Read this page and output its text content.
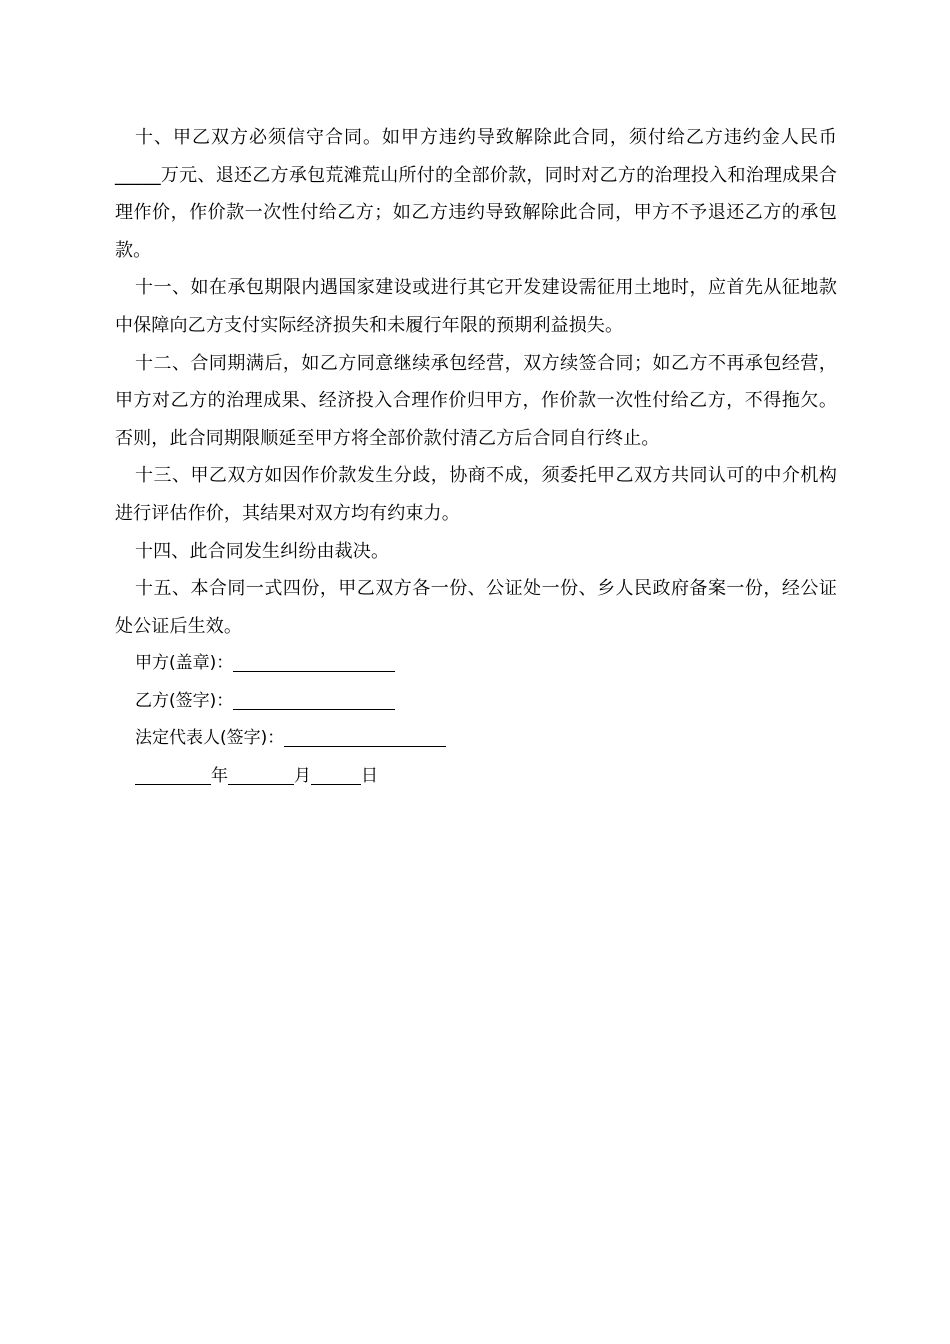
十、甲乙双方必须信守合同。如甲方违约导致解除此合同，须付给乙方违约金人民币_____万元、退还乙方承包荒滩荒山所付的全部价款，同时对乙方的治理投入和治理成果合理作价，作价款一次性付给乙方；如乙方违约导致解除此合同，甲方不予退还乙方的承包款。

十一、如在承包期限内遇国家建设或进行其它开发建设需征用土地时，应首先从征地款中保障向乙方支付实际经济损失和未履行年限的预期利益损失。

十二、合同期满后，如乙方同意继续承包经营，双方续签合同；如乙方不再承包经营，甲方对乙方的治理成果、经济投入合理作价归甲方，作价款一次性付给乙方，不得拖欠。否则，此合同期限顺延至甲方将全部价款付清乙方后合同自行终止。

十三、甲乙双方如因作价款发生分歧，协商不成，须委托甲乙双方共同认可的中介机构进行评估作价，其结果对双方均有约束力。

十四、此合同发生纠纷由裁决。

十五、本合同一式四份，甲乙双方各一份、公证处一份、乡人民政府备案一份，经公证处公证后生效。

甲方(盖章)：
乙方(签字)：
法定代表人(签字)：
年	月	日
